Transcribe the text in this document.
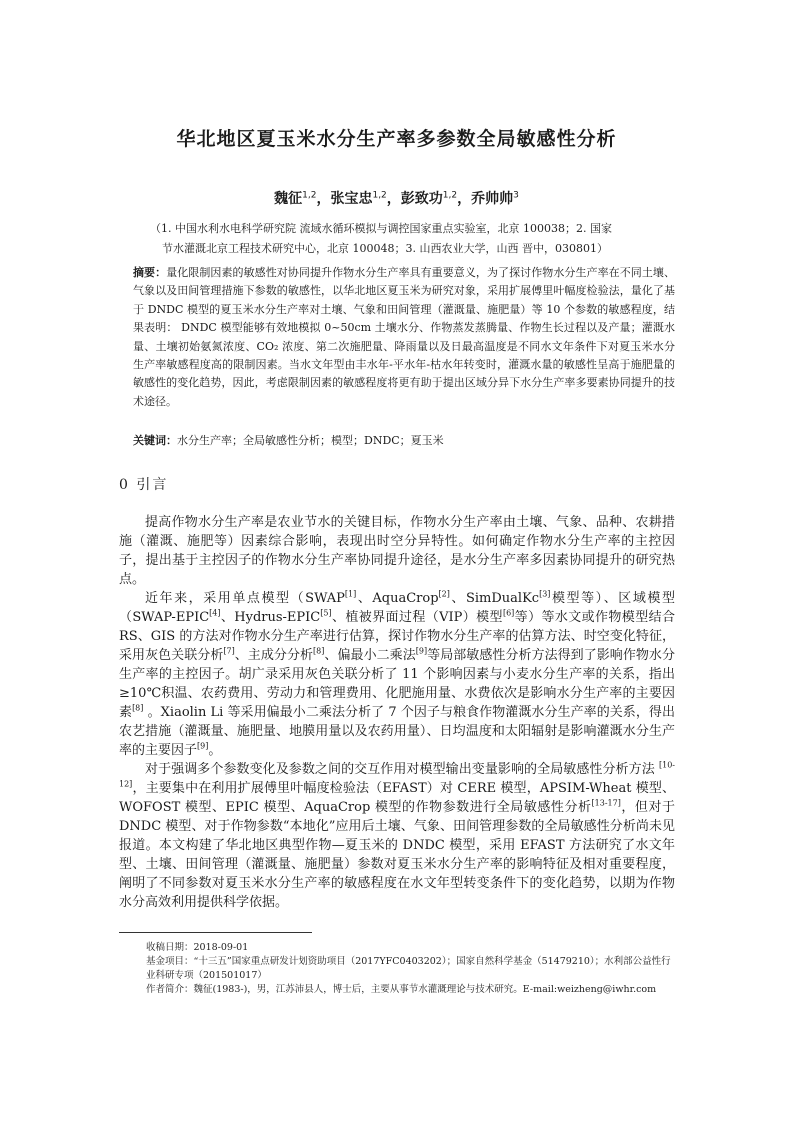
华北地区夏玉米水分生产率多参数全局敏感性分析
魏征$^{1,2}$，张宝忠$^{1,2}$，彭致功$^{1,2}$，乔帅帅$^3$
（1. 中国水利水电科学研究院 流域水循环模拟与调控国家重点实验室，北京 100038；2. 国家
节水灌溉北京工程技术研究中心，北京 100048；3. 山西农业大学，山西 晋中，030801）
摘要：量化限制因素的敏感性对协同提升作物水分生产率具有重要意义，为了探讨作物水分生产率在不同土壤、气象以及田间管理措施下参数的敏感性，以华北地区夏玉米为研究对象，采用扩展傅里叶幅度检验法，量化了基于 DNDC 模型的夏玉米水分生产率对土壤、气象和田间管理（灌溉量、施肥量）等 10 个参数的敏感程度，结果表明： DNDC 模型能够有效地模拟 0~50cm 土壤水分、作物蒸发蒸腾量、作物生长过程以及产量；灌溉水量、土壤初始氨氮浓度、CO₂ 浓度、第二次施肥量、降雨量以及日最高温度是不同水文年条件下对夏玉米水分生产率敏感程度高的限制因素。当水文年型由丰水年-平水年-枯水年转变时，灌溉水量的敏感性呈高于施肥量的敏感性的变化趋势，因此，考虑限制因素的敏感程度将更有助于提出区域分异下水分生产率多要素协同提升的技术途径。
关键词：水分生产率；全局敏感性分析；模型；DNDC；夏玉米
0 引言

提高作物水分生产率是农业节水的关键目标，作物水分生产率由土壤、气象、品种、农耕措施（灌溉、施肥等）因素综合影响，表现出时空分异特性。如何确定作物水分生产率的主控因子，提出基于主控因子的作物水分生产率协同提升途径，是水分生产率多因素协同提升的研究热点。

近年来，采用单点模型（SWAP[1]、AquaCrop[2]、SimDualKc[3]模型等）、区域模型（SWAP-EPIC[4]、Hydrus-EPIC[5]、植被界面过程（VIP）模型[6]等）等水文或作物模型结合 RS、GIS 的方法对作物水分生产率进行估算，探讨作物水分生产率的估算方法、时空变化特征，采用灰色关联分析[7]、主成分分析[8]、偏最小二乘法[9]等局部敏感性分析方法得到了影响作物水分生产率的主控因子。胡广录采用灰色关联分析了 11 个影响因素与小麦水分生产率的关系，指出≥10℃积温、农药费用、劳动力和管理费用、化肥施用量、水费依次是影响水分生产率的主要因素[8] 。Xiaolin Li 等采用偏最小二乘法分析了 7 个因子与粮食作物灌溉水分生产率的关系，得出农艺措施（灌溉量、施肥量、地膜用量以及农药用量）、日均温度和太阳辐射是影响灌溉水分生产率的主要因子[9]。

对于强调多个参数变化及参数之间的交互作用对模型输出变量影响的全局敏感性分析方法 [10-12]，主要集中在利用扩展傅里叶幅度检验法（EFAST）对 CERE 模型，APSIM-Wheat 模型、WOFOST 模型、EPIC 模型、AquaCrop 模型的作物参数进行全局敏感性分析[13-17]，但对于 DNDC 模型、对于作物参数“本地化”应用后土壤、气象、田间管理参数的全局敏感性分析尚未见报道。本文构建了华北地区典型作物—夏玉米的 DNDC 模型，采用 EFAST 方法研究了水文年型、土壤、田间管理（灌溉量、施肥量）参数对夏玉米水分生产率的影响特征及相对重要程度，阐明了不同参数对夏玉米水分生产率的敏感程度在水文年型转变条件下的变化趋势，以期为作物水分高效利用提供科学依据。

收稿日期：2018-09-01
基金项目：“十三五”国家重点研发计划资助项目（2017YFC0403202）；国家自然科学基金（51479210）；水利部公益性行业科研专项（201501017）
作者简介：魏征(1983-)，男，江苏沛县人，博士后，主要从事节水灌溉理论与技术研究。E-mail:weizheng@iwhr.com
